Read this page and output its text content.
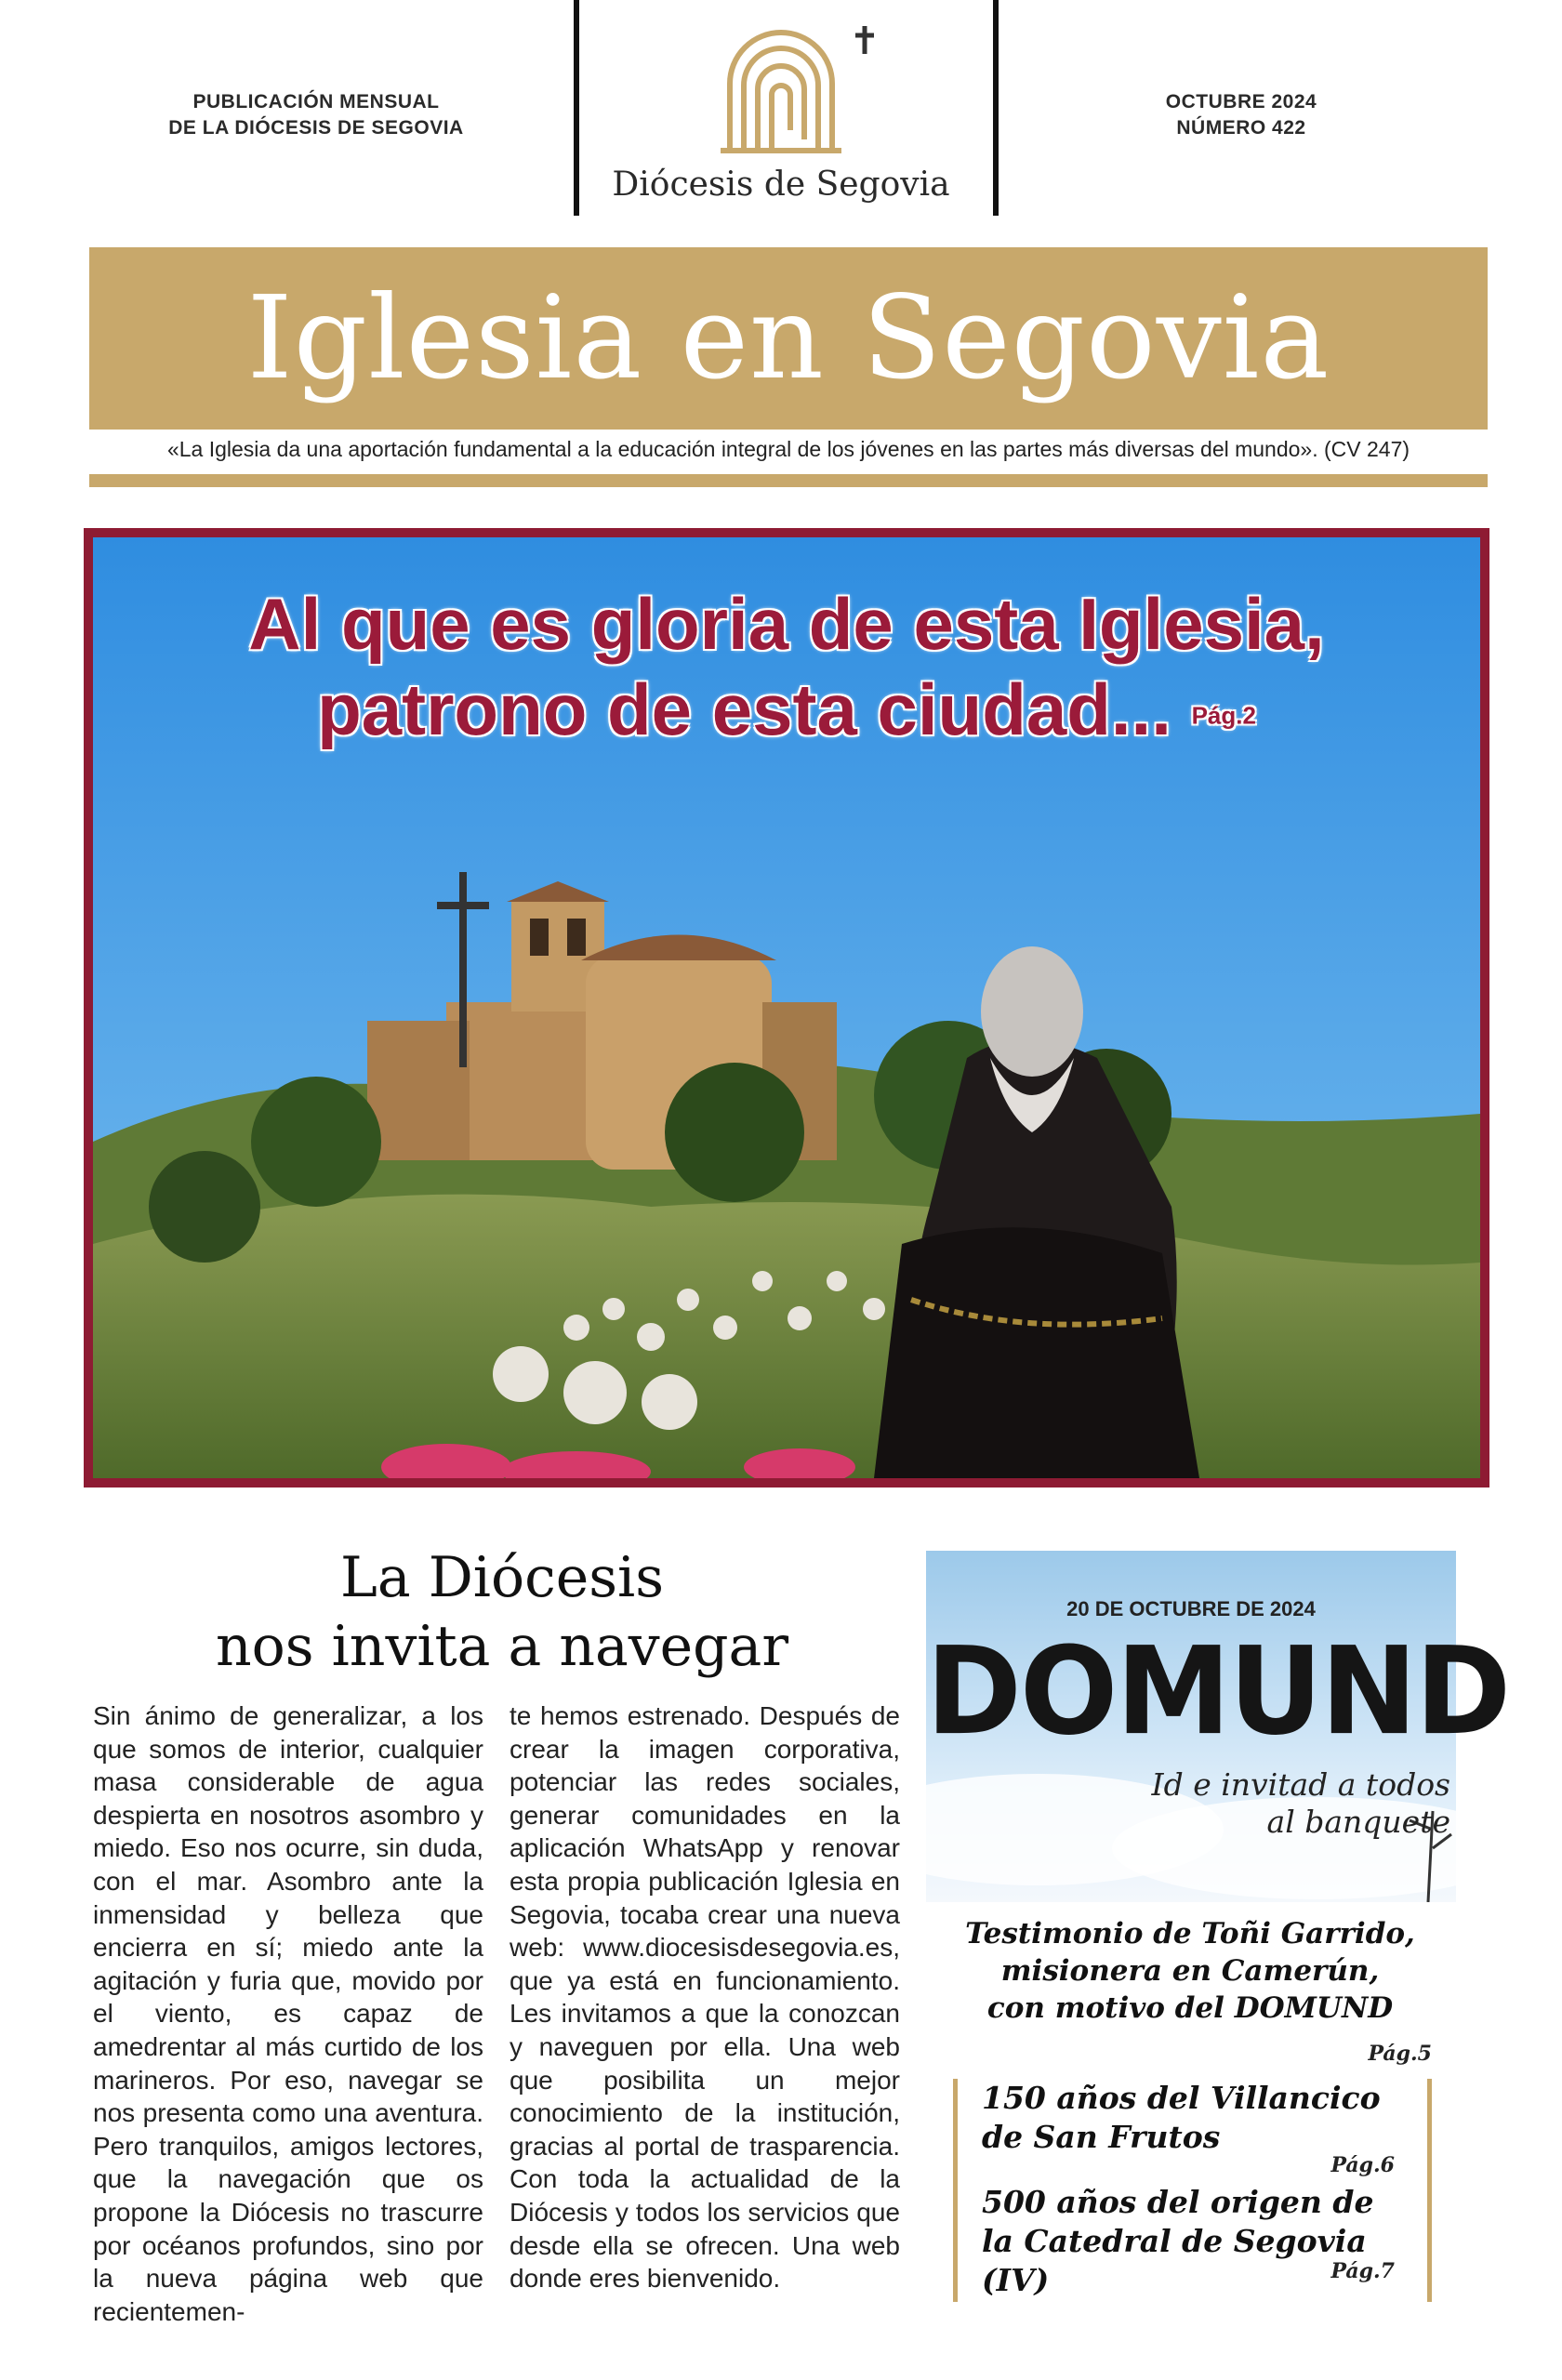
PUBLICACIÓN MENSUAL
DE LA DIÓCESIS DE SEGOVIA
Diócesis de Segovia
OCTUBRE 2024
NÚMERO 422
Iglesia en Segovia
«La Iglesia da una aportación fundamental a la educación integral de los jóvenes en las partes más diversas del mundo». (CV 247)
Al que es gloria de esta Iglesia,
patrono de esta ciudad... Pág.2
La Diócesis
nos invita a navegar
Sin ánimo de generalizar, a los que somos de interior, cualquier masa considerable de agua despierta en nosotros asombro y miedo. Eso nos ocurre, sin duda, con el mar. Asombro ante la inmensidad y belleza que encierra en sí; miedo ante la agitación y furia que, movido por el viento, es capaz de amedrentar al más curtido de los marineros. Por eso, navegar se nos presenta como una aventura. Pero tranquilos, amigos lectores, que la navegación que os propone la Diócesis no trascurre por océanos profundos, sino por la nueva página web que recientemen-
te hemos estrenado. Después de crear la imagen corporativa, potenciar las redes sociales, generar comunidades en la aplicación WhatsApp y renovar esta propia publicación Iglesia en Segovia, tocaba crear una nueva web: www.diocesisdesegovia.es, que ya está en funcionamiento. Les invitamos a que la conozcan y naveguen por ella. Una web que posibilita un mejor conocimiento de la institución, gracias al portal de trasparencia. Con toda la actualidad de la Diócesis y todos los servicios que desde ella se ofrecen. Una web donde eres bienvenido.
20 DE OCTUBRE DE 2024
DOMUND
Id e invitad a todos
al banquete
Testimonio de Toñi Garrido,
misionera en Camerún,
con motivo del DOMUND
Pág.5
150 años del Villancico
de San Frutos
Pág.6
500 años del origen de
la Catedral de Segovia (IV)	Pág.7
